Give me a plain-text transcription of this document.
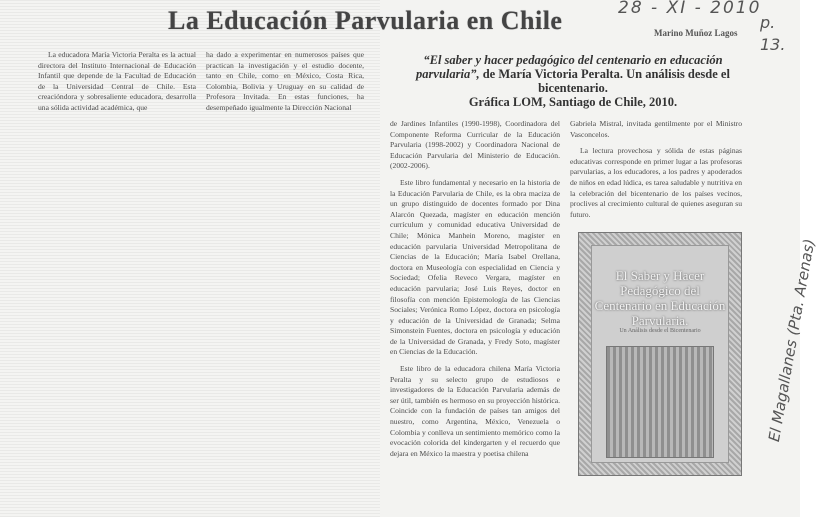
La Educación Parvularia en Chile	Marino Muñoz Lagos
28 - XI - 2010
p. 13.
El Magallanes (Pta. Arenas)

La educadora María Victoria Peralta es la actual directora del Instituto Internacional de Educación Infantil que depende de la Facultad de Educación de la Universidad Central de Chile. Esta creacióndora y sobresaliente educadora, desarrolla una sólida actividad académica, que

ha dado a experimentar en numerosos países que practican la investigación y el estudio docente, tanto en Chile, como en México, Costa Rica, Colombia, Bolivia y Uruguay en su calidad de Profesora Invitada. En estas funciones, ha desempeñado igualmente la Dirección Nacional

“El saber y hacer pedagógico del centenario en educación
parvularia”, de María Victoria Peralta. Un análisis desde el bicentenario.
Gráfica LOM, Santiago de Chile, 2010.

de Jardines Infantiles (1990-1998), Coordinadora del Componente Reforma Curricular de la Educación Parvularia (1998-2002) y Coordinadora Nacional de Educación Parvularia del Ministerio de Educación. (2002-2006).

Este libro fundamental y necesario en la historia de la Educación Parvularia de Chile, es la obra maciza de un grupo distinguido de docentes formado por Dina Alarcón Quezada, magíster en educación mención currículum y comunidad educativa Universidad de Chile; Mónica Manhein Moreno, magíster en educación parvularia Universidad Metropolitana de Ciencias de la Educación; María Isabel Orellana, doctora en Museología con especialidad en Ciencia y Sociedad; Ofelia Reveco Vergara, magíster en educación parvularia; José Luis Reyes, doctor en filosofía con mención Epistemología de las Ciencias Sociales; Verónica Romo López, doctora en psicología y educación de la Universidad de Granada; Selma Simonstein Fuentes, doctora en psicología y educación de la Universidad de Granada, y Fredy Soto, magíster en Ciencias de la Educación.

Este libro de la educadora chilena María Victoria Peralta y su selecto grupo de estudiosos e investigadores de la Educación Parvularia además de ser útil, también es hermoso en su proyección histórica. Coincide con la fundación de países tan amigos del nuestro, como Argentina, México, Venezuela o Colombia y conlleva un sentimiento memórico como la evocación colorida del kindergarten y el recuerdo que dejara en México la maestra y poetisa chilena

Gabriela Mistral, invitada gentilmente por el Ministro Vasconcelos.

La lectura provechosa y sólida de estas páginas educativas corresponde en primer lugar a las profesoras parvularias, a los educadores, a los padres y apoderados de niños en edad lúdica, es tarea saludable y nutritiva en la celebración del bicentenario de los países vecinos, proclives al crecimiento cultural de quienes aseguran su futuro.

El Saber y Hacer Pedagógico del Centenario en Educación Parvularia.
Un Análisis desde el Bicentenario
